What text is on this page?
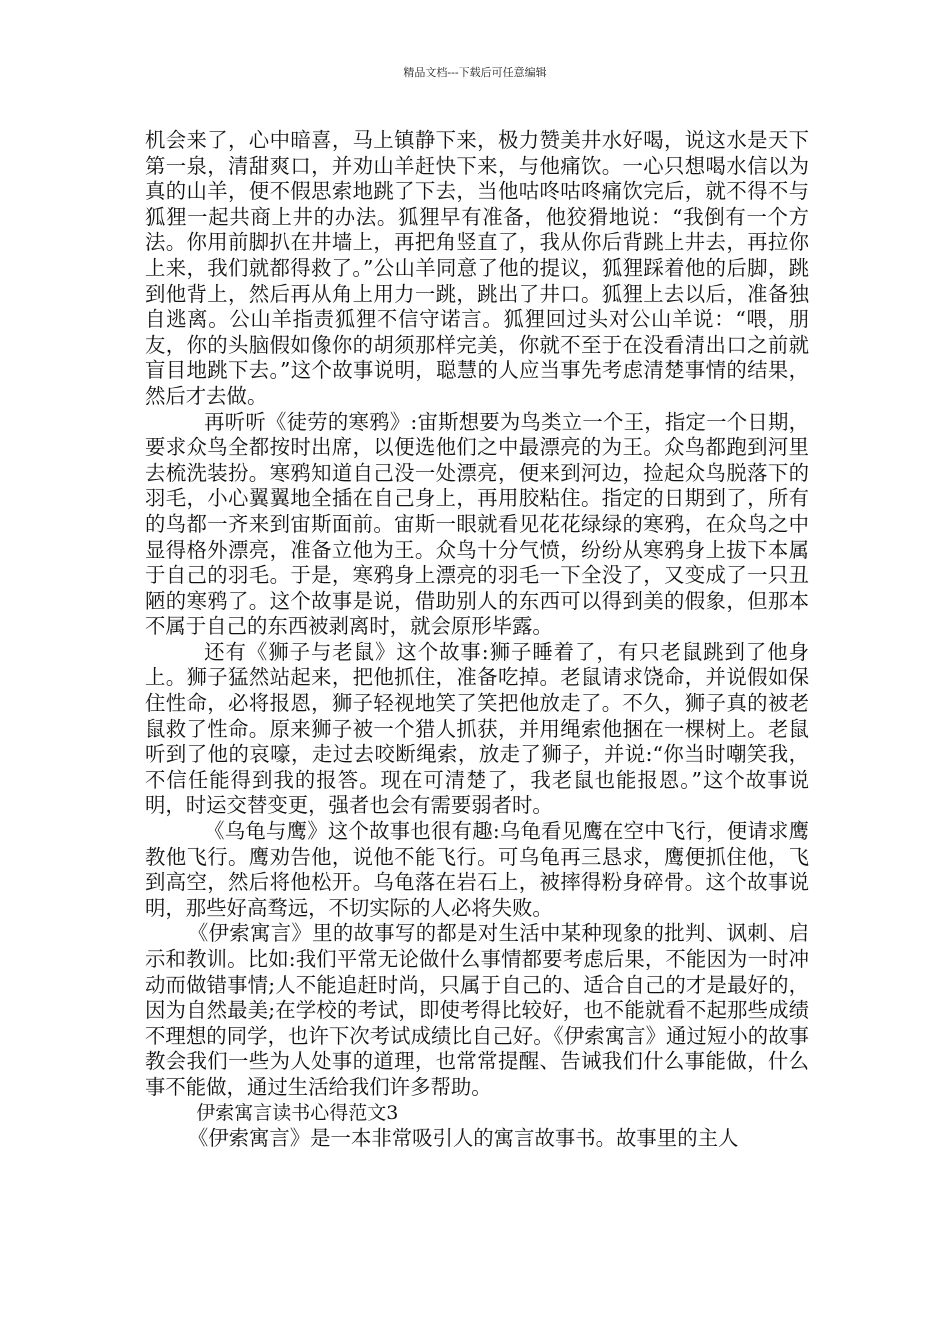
精品文档---下载后可任意编辑

机会来了，心中暗喜，马上镇静下来，极力赞美井水好喝，说这水是天下第一泉，清甜爽口，并劝山羊赶快下来，与他痛饮。一心只想喝水信以为真的山羊，便不假思索地跳了下去，当他咕咚咕咚痛饮完后，就不得不与狐狸一起共商上井的办法。狐狸早有准备，他狡猾地说：“我倒有一个方法。你用前脚扒在井墙上，再把角竖直了，我从你后背跳上井去，再拉你上来，我们就都得救了。”公山羊同意了他的提议，狐狸踩着他的后脚，跳到他背上，然后再从角上用力一跳，跳出了井口。狐狸上去以后，准备独自逃离。公山羊指责狐狸不信守诺言。狐狸回过头对公山羊说：“喂，朋友，你的头脑假如像你的胡须那样完美，你就不至于在没看清出口之前就盲目地跳下去。”这个故事说明，聪慧的人应当事先考虑清楚事情的结果，然后才去做。

再听听《徒劳的寒鸦》:宙斯想要为鸟类立一个王，指定一个日期，要求众鸟全都按时出席，以便选他们之中最漂亮的为王。众鸟都跑到河里去梳洗装扮。寒鸦知道自己没一处漂亮，便来到河边，捡起众鸟脱落下的羽毛，小心翼翼地全插在自己身上，再用胶粘住。指定的日期到了，所有的鸟都一齐来到宙斯面前。宙斯一眼就看见花花绿绿的寒鸦，在众鸟之中显得格外漂亮，准备立他为王。众鸟十分气愤，纷纷从寒鸦身上拔下本属于自己的羽毛。于是，寒鸦身上漂亮的羽毛一下全没了，又变成了一只丑陋的寒鸦了。这个故事是说，借助别人的东西可以得到美的假象，但那本不属于自己的东西被剥离时，就会原形毕露。

还有《狮子与老鼠》这个故事:狮子睡着了，有只老鼠跳到了他身上。狮子猛然站起来，把他抓住，准备吃掉。老鼠请求饶命，并说假如保住性命，必将报恩，狮子轻视地笑了笑把他放走了。不久，狮子真的被老鼠救了性命。原来狮子被一个猎人抓获，并用绳索他捆在一棵树上。老鼠听到了他的哀嚎，走过去咬断绳索，放走了狮子，并说:“你当时嘲笑我，不信任能得到我的报答。现在可清楚了，我老鼠也能报恩。”这个故事说明，时运交替变更，强者也会有需要弱者时。

《乌龟与鹰》这个故事也很有趣:乌龟看见鹰在空中飞行，便请求鹰教他飞行。鹰劝告他，说他不能飞行。可乌龟再三恳求，鹰便抓住他，飞到高空，然后将他松开。乌龟落在岩石上，被摔得粉身碎骨。这个故事说明，那些好高骛远，不切实际的人必将失败。

《伊索寓言》里的故事写的都是对生活中某种现象的批判、讽刺、启示和教训。比如:我们平常无论做什么事情都要考虑后果，不能因为一时冲动而做错事情;人不能追赶时尚，只属于自己的、适合自己的才是最好的，因为自然最美;在学校的考试，即使考得比较好，也不能就看不起那些成绩不理想的同学，也许下次考试成绩比自己好。《伊索寓言》通过短小的故事教会我们一些为人处事的道理，也常常提醒、告诫我们什么事能做，什么事不能做，通过生活给我们许多帮助。

伊索寓言读书心得范文3

《伊索寓言》是一本非常吸引人的寓言故事书。故事里的主人
